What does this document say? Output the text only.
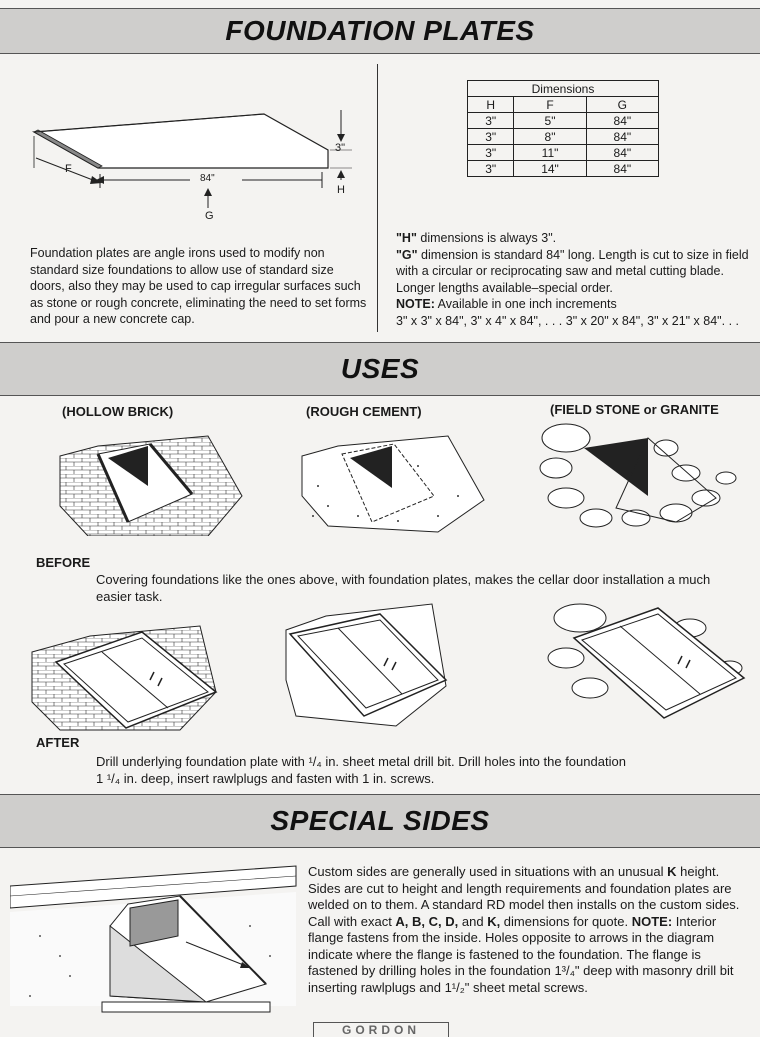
FOUNDATION PLATES
3"
H
F
84"
G
Foundation plates are angle irons used to modify non standard size foundations to allow use of standard size doors, also they may be used to cap irregular surfaces such as stone or rough concrete, eliminating the need to set forms and pour a new concrete cap.
Dimensions		
H	F	G
3"	5"	84"
3"	8"	84"
3"	11"	84"
3"	14"	84"
"H" dimensions is always 3".
"G" dimension is standard 84" long. Length is cut to size in field with a circular or reciprocating saw and metal cutting blade. Longer lengths available–special order.
NOTE: Available in one inch increments
3" x 3" x 84", 3" x 4" x 84", . . . 3" x 20" x 84", 3" x 21" x 84". . .
USES
(HOLLOW BRICK)	(ROUGH CEMENT)	(FIELD STONE or GRANITE
BEFORE
Covering foundations like the ones above, with foundation plates, makes the cellar door installation a much easier task.
AFTER
Drill underlying foundation plate with ¹/₄ in. sheet metal drill bit. Drill holes into the foundation
1 ¹/₄ in. deep, insert rawlplugs and fasten with 1 in. screws.
SPECIAL SIDES
Custom sides are generally used in situations with an unusual K height. Sides are cut to height and length requirements and foundation plates are welded on to them. A standard RD model then installs on the custom sides. Call with exact A, B, C, D, and K, dimensions for quote. NOTE: Interior flange fastens from the inside. Holes opposite to arrows in the diagram indicate where the flange is fastened to the foundation. The flange is fastened by drilling holes in the foundation 1³/₄" deep with masonry drill bit inserting rawlplugs and 1¹/₂" sheet metal screws.
GORDON
